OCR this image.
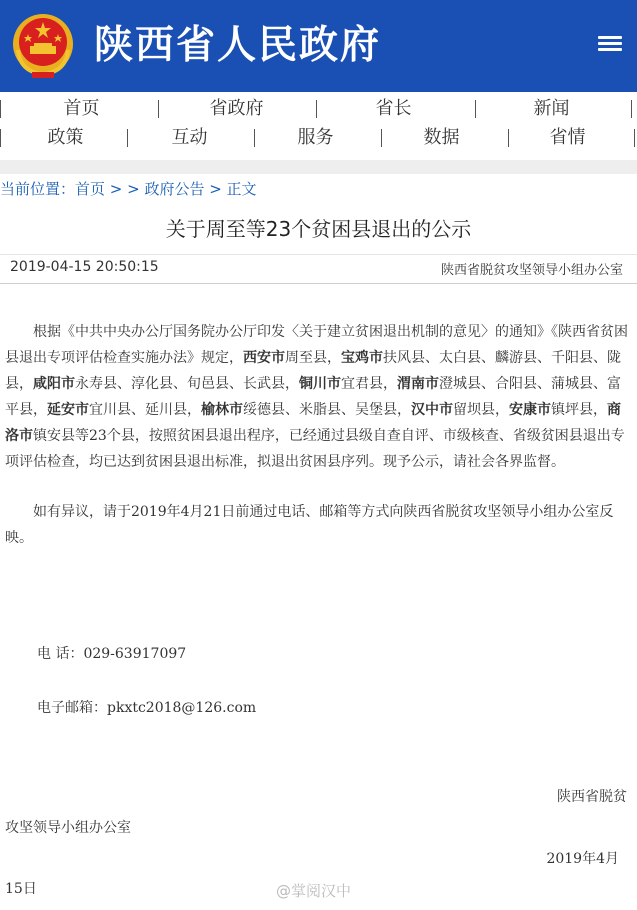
陕西省人民政府
首页	省政府	省长	新闻
政策	互动	服务	数据	省情
当前位置：首页 > > 政府公告 > 正文
关于周至等23个贫困县退出的公示
2019-04-15 20:50:15	陕西省脱贫攻坚领导小组办公室

根据《中共中央办公厅国务院办公厅印发〈关于建立贫困退出机制的意见〉的通知》《陕西省贫困县退出专项评估检查实施办法》规定，西安市周至县，宝鸡市扶风县、太白县、麟游县、千阳县、陇县，咸阳市永寿县、淳化县、旬邑县、长武县，铜川市宜君县，渭南市澄城县、合阳县、蒲城县、富平县，延安市宜川县、延川县，榆林市绥德县、米脂县、吴堡县，汉中市留坝县，安康市镇坪县，商洛市镇安县等23个县，按照贫困县退出程序，已经通过县级自查自评、市级核查、省级贫困县退出专项评估检查，均已达到贫困县退出标准，拟退出贫困县序列。现予公示，请社会各界监督。

如有异议，请于2019年4月21日前通过电话、邮箱等方式向陕西省脱贫攻坚领导小组办公室反映。

电 话：029-63917097
电子邮箱：pkxtc2018@126.com
陕西省脱贫
攻坚领导小组办公室
2019年4月
15日	@掌阅汉中
